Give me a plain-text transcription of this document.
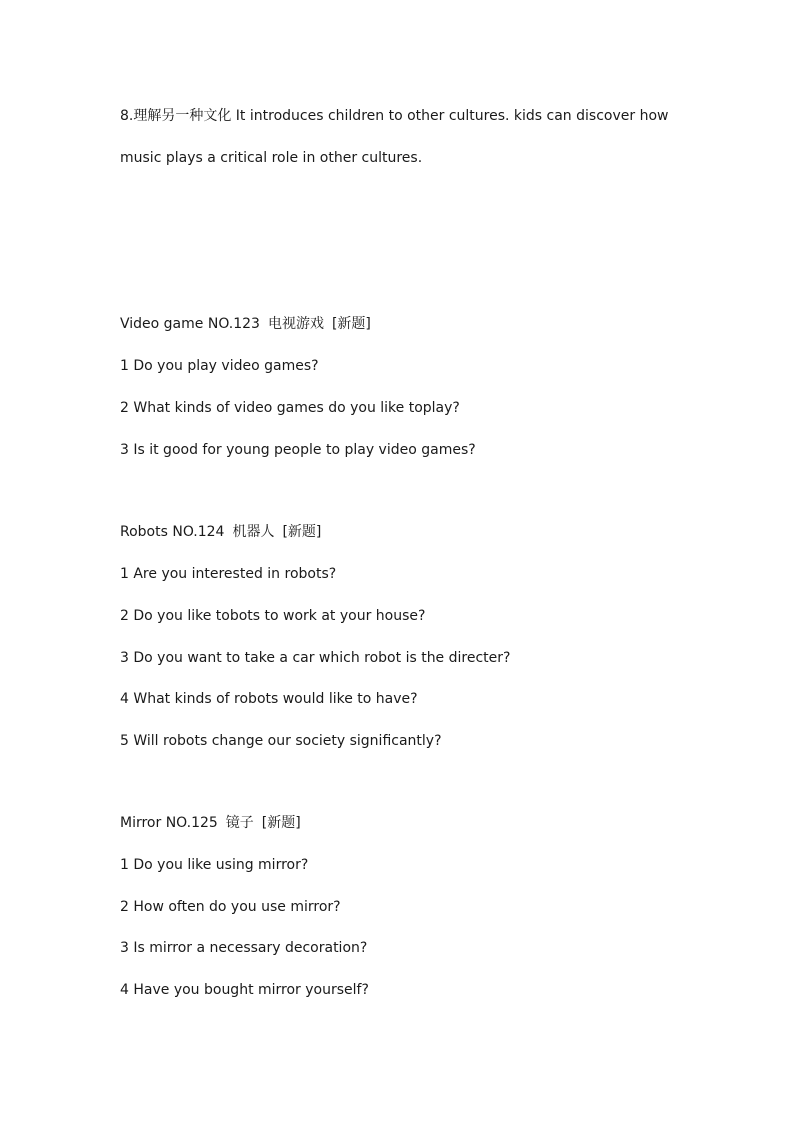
8.理解另一种文化 It introduces children to other cultures. kids can discover how
music plays a critical role in other cultures.
Video game NO.123 电视游戏 [新题]
1 Do you play video games?
2 What kinds of video games do you like toplay?
3 Is it good for young people to play video games?
Robots NO.124 机器人 [新题]
1 Are you interested in robots?
2 Do you like tobots to work at your house?
3 Do you want to take a car which robot is the directer?
4 What kinds of robots would like to have?
5 Will robots change our society significantly?
Mirror NO.125 镜子 [新题]
1 Do you like using mirror?
2 How often do you use mirror?
3 Is mirror a necessary decoration?
4 Have you bought mirror yourself?
